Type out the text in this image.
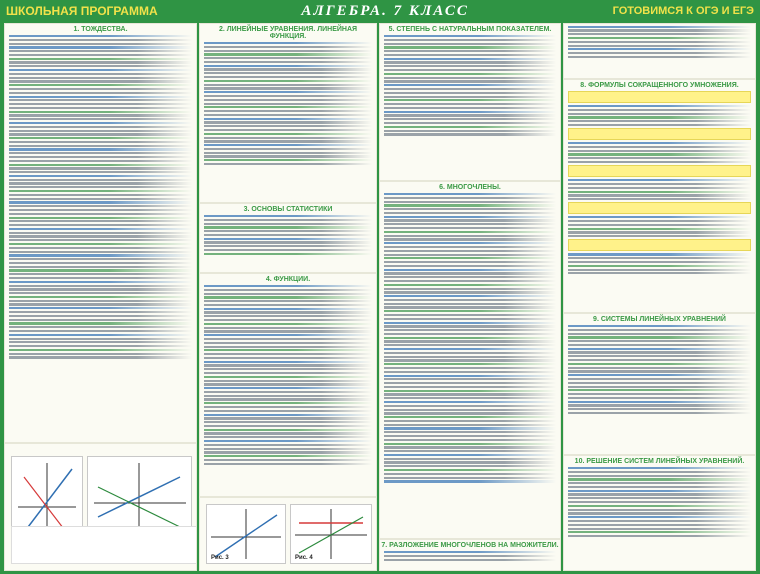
ШКОЛЬНАЯ ПРОГРАММА	АЛГЕБРА. 7 КЛАСС	ГОТОВИМСЯ К ОГЭ И ЕГЭ
1. ТОЖДЕСТВА.	2. ЛИНЕЙНЫЕ УРАВНЕНИЯ. ЛИНЕЙНАЯ ФУНКЦИЯ.
3. ОСНОВЫ СТАТИСТИКИ
4. ФУНКЦИИ.
Рис. 3	Рис. 4
5. СТЕПЕНЬ С НАТУРАЛЬНЫМ ПОКАЗАТЕЛЕМ.
6. МНОГОЧЛЕНЫ.
7. РАЗЛОЖЕНИЕ МНОГОЧЛЕНОВ НА МНОЖИТЕЛИ.
8. ФОРМУЛЫ СОКРАЩЕННОГО УМНОЖЕНИЯ.
9. СИСТЕМЫ ЛИНЕЙНЫХ УРАВНЕНИЙ
10. РЕШЕНИЕ СИСТЕМ ЛИНЕЙНЫХ УРАВНЕНИЙ.
